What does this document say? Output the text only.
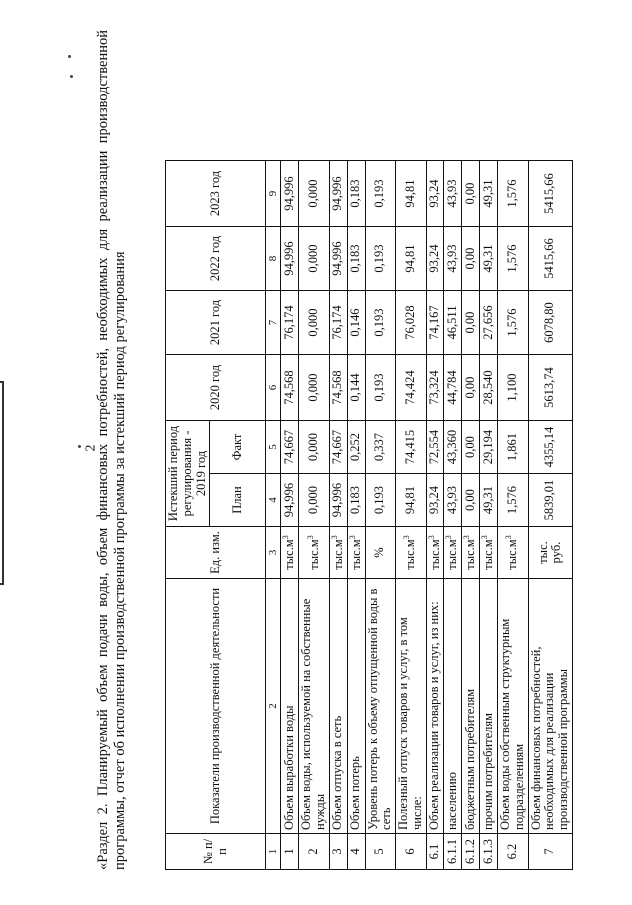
2
«Раздел 2. Планируемый объем подачи воды, объем финансовых потребностей, необходимых для реализации производственной программы, отчет об исполнении производственной программы за истекший период регулирования	№ п/п	Показатели производственной деятельности	Ед. изм.	Истекший период регулирования - 2019 год		2020 год	2021 год	2022 год	2023 год
			План	Факт				
1	2	3	4	5	6	7	8	9
1	Объем выработки воды	$тыс.м^3$	94,996	74,667	74,568	76,174	94,996	94,996
2	Объем воды, используемой на собственные нужды	$тыс.м^3$	0,000	0,000	0,000	0,000	0,000	0,000
3	Объем отпуска в сеть	$тыс.м^3$	94,996	74,667	74,568	76,174	94,996	94,996
4	Объем потерь	$тыс.м^3$	0,183	0,252	0,144	0,146	0,183	0,183
5	Уровень потерь к объему отпущенной воды в сеть	%	0,193	0,337	0,193	0,193	0,193	0,193
6	Полезный отпуск товаров и услуг, в том числе:	$тыс.м^3$	94,81	74,415	74,424	76,028	94,81	94,81
6.1	Объем реализации товаров и услуг, из них:	$тыс.м^3$	93,24	72,554	73,324	74,167	93,24	93,24
6.1.1	населению	$тыс.м^3$	43,93	43,360	44,784	46,511	43,93	43,93
6.1.2	бюджетным потребителям	$тыс.м^3$	0,00	0,00	0,00	0,00	0,00	0,00
6.1.3	прочим потребителям	$тыс.м^3$	49,31	29,194	28,540	27,656	49,31	49,31
6.2	Объем воды собственным структурным подразделениям	$тыс.м^3$	1,576	1,861	1,100	1,576	1,576	1,576
7	Объем финансовых потребностей, необходимых для реализации производственной программы	тыс. руб.	5839,01	4355,14	5613,74	6078,80	5415,66	5415,66
